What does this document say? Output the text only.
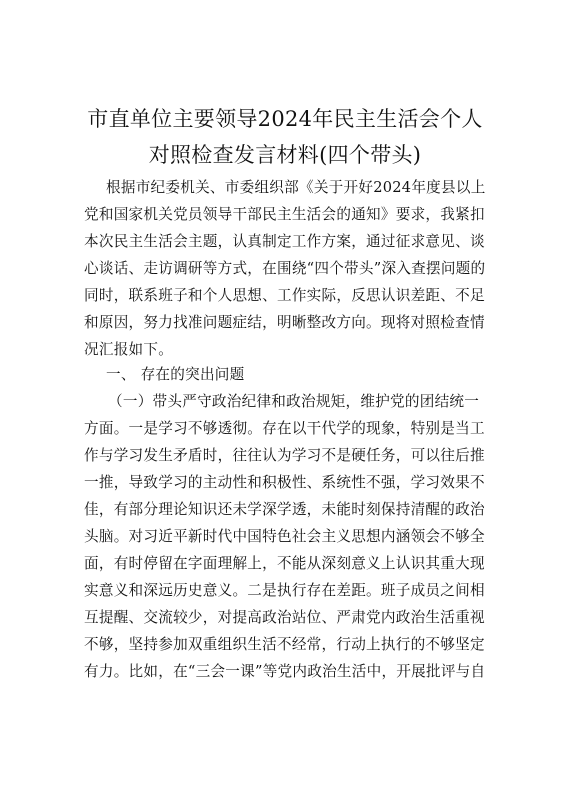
市直单位主要领导2024年民主生活会个人
对照检查发言材料(四个带头)
根据市纪委机关、市委组织部《关于开好2024年度县以上
党和国家机关党员领导干部民主生活会的通知》要求，我紧扣
本次民主生活会主题，认真制定工作方案，通过征求意见、谈
心谈话、走访调研等方式，在围绕“四个带头”深入查摆问题的
同时，联系班子和个人思想、工作实际，反思认识差距、不足
和原因，努力找准问题症结，明晰整改方向。现将对照检查情
况汇报如下。
一、 存在的突出问题
（一）带头严守政治纪律和政治规矩，维护党的团结统一
方面。一是学习不够透彻。存在以干代学的现象，特别是当工
作与学习发生矛盾时，往往认为学习不是硬任务，可以往后推
一推，导致学习的主动性和积极性、系统性不强，学习效果不
佳，有部分理论知识还未学深学透，未能时刻保持清醒的政治
头脑。对习近平新时代中国特色社会主义思想内涵领会不够全
面，有时停留在字面理解上，不能从深刻意义上认识其重大现
实意义和深远历史意义。二是执行存在差距。班子成员之间相
互提醒、交流较少，对提高政治站位、严肃党内政治生活重视
不够，坚持参加双重组织生活不经常，行动上执行的不够坚定
有力。比如，在“三会一课”等党内政治生活中，开展批评与自
